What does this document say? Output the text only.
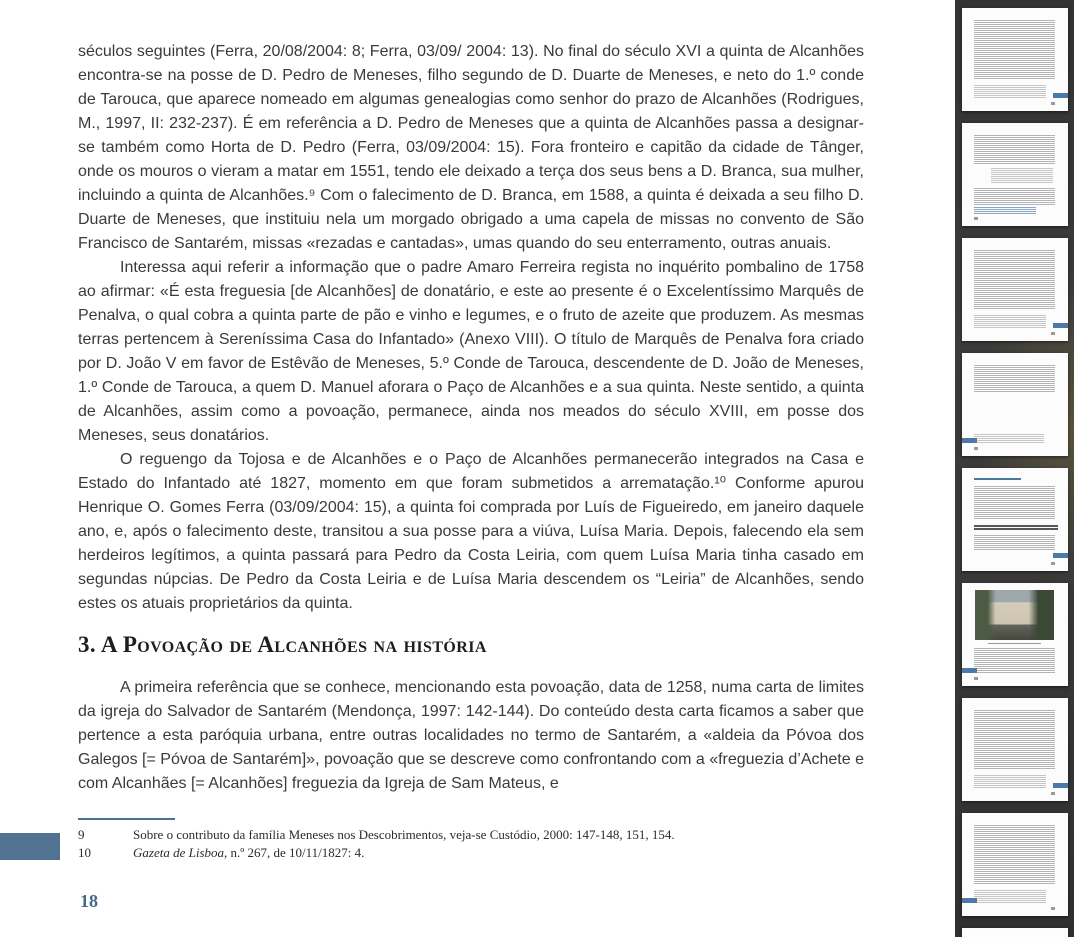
séculos seguintes (Ferra, 20/08/2004: 8; Ferra, 03/09/ 2004: 13). No final do século XVI a quinta de Alcanhões encontra-se na posse de D. Pedro de Meneses, filho segundo de D. Duarte de Meneses, e neto do 1.º conde de Tarouca, que aparece nomeado em algumas genealogias como senhor do prazo de Alcanhões (Rodrigues, M., 1997, II: 232-237). É em referência a D. Pedro de Meneses que a quinta de Alcanhões passa a designar-se também como Horta de D. Pedro (Ferra, 03/09/2004: 15). Fora fronteiro e capitão da cidade de Tânger, onde os mouros o vieram a matar em 1551, tendo ele deixado a terça dos seus bens a D. Branca, sua mulher, incluindo a quinta de Alcanhões.⁹ Com o falecimento de D. Branca, em 1588, a quinta é deixada a seu filho D. Duarte de Meneses, que instituiu nela um morgado obrigado a uma capela de missas no convento de São Francisco de Santarém, missas «rezadas e cantadas», umas quando do seu enterramento, outras anuais.

Interessa aqui referir a informação que o padre Amaro Ferreira regista no inquérito pombalino de 1758 ao afirmar: «É esta freguesia [de Alcanhões] de donatário, e este ao presente é o Excelentíssimo Marquês de Penalva, o qual cobra a quinta parte de pão e vinho e legumes, e o fruto de azeite que produzem. As mesmas terras pertencem à Sereníssima Casa do Infantado» (Anexo VIII). O título de Marquês de Penalva fora criado por D. João V em favor de Estêvão de Meneses, 5.º Conde de Tarouca, descendente de D. João de Meneses, 1.º Conde de Tarouca, a quem D. Manuel aforara o Paço de Alcanhões e a sua quinta. Neste sentido, a quinta de Alcanhões, assim como a povoação, permanece, ainda nos meados do século XVIII, em posse dos Meneses, seus donatários.

O reguengo da Tojosa e de Alcanhões e o Paço de Alcanhões permanecerão integrados na Casa e Estado do Infantado até 1827, momento em que foram submetidos a arrematação.¹⁰ Conforme apurou Henrique O. Gomes Ferra (03/09/2004: 15), a quinta foi comprada por Luís de Figueiredo, em janeiro daquele ano, e, após o falecimento deste, transitou a sua posse para a viúva, Luísa Maria. Depois, falecendo ela sem herdeiros legítimos, a quinta passará para Pedro da Costa Leiria, com quem Luísa Maria tinha casado em segundas núpcias. De Pedro da Costa Leiria e de Luísa Maria descendem os “Leiria” de Alcanhões, sendo estes os atuais proprietários da quinta.

3. A Povoação de Alcanhões na história

A primeira referência que se conhece, mencionando esta povoação, data de 1258, numa carta de limites da igreja do Salvador de Santarém (Mendonça, 1997: 142-144). Do conteúdo desta carta ficamos a saber que pertence a esta paróquia urbana, entre outras localidades no termo de Santarém, a «aldeia da Póvoa dos Galegos [= Póvoa de Santarém]», povoação que se descreve como confrontando com a «freguezia d’Achete e com Alcanhães [= Alcanhões] freguezia da Igreja de Sam Mateus, e

9	Sobre o contributo da família Meneses nos Descobrimentos, veja-se Custódio, 2000: 147-148, 151, 154.
10	Gazeta de Lisboa, n.º 267, de 10/11/1827: 4.
18
